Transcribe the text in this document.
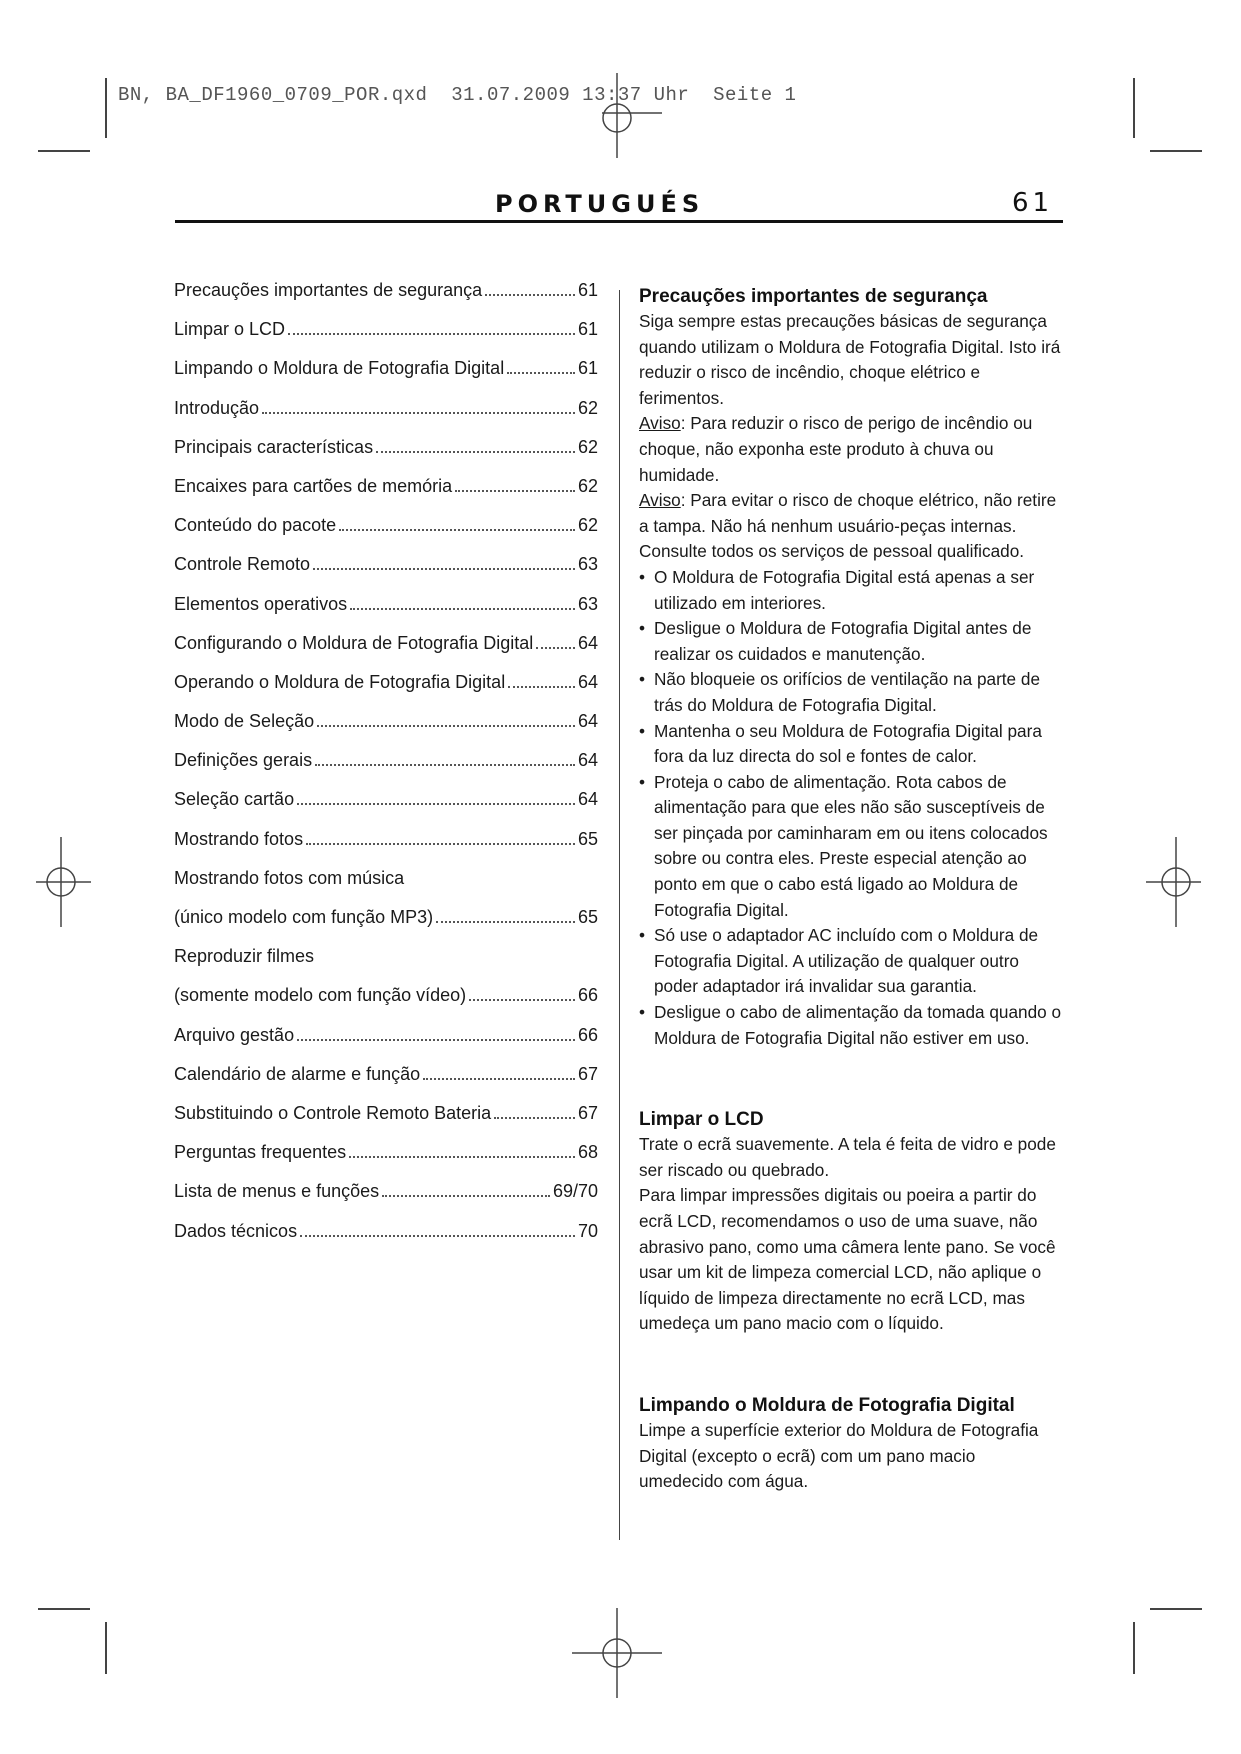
BN, BA_DF1960_0709_POR.qxd  31.07.2009 13:37 Uhr  Seite 1
PORTUGUÉS	61
Precauções importantes de segurança	61
Limpar o LCD	61
Limpando o Moldura de Fotografia Digital	61
Introdução	62
Principais características	62
Encaixes para cartões de memória	62
Conteúdo do pacote	62
Controle Remoto	63
Elementos operativos	63
Configurando o Moldura de Fotografia Digital 64
Operando o Moldura de Fotografia Digital	64
Modo de Seleção	64
Definições gerais	64
Seleção cartão	64
Mostrando fotos	65
Mostrando fotos com música
(único modelo com função MP3)	65
Reproduzir filmes
(somente modelo com função vídeo)	66
Arquivo gestão	66
Calendário de alarme e função	67
Substituindo o Controle Remoto Bateria	67
Perguntas frequentes	68
Lista de menus e funções	69/70
Dados técnicos	70
Precauções importantes de segurança

Siga sempre estas precauções básicas de segurança quando utilizam o Moldura de Fotografia Digital. Isto irá reduzir o risco de incêndio, choque elétrico e ferimentos.

Aviso: Para reduzir o risco de perigo de incêndio ou choque, não exponha este produto à chuva ou humidade.

Aviso: Para evitar o risco de choque elétrico, não retire a tampa. Não há nenhum usuário-peças internas. Consulte todos os serviços de pessoal qualificado.

• O Moldura de Fotografia Digital está apenas a ser utilizado em interiores.
• Desligue o Moldura de Fotografia Digital antes de realizar os cuidados e manutenção.
• Não bloqueie os orifícios de ventilação na parte de trás do Moldura de Fotografia Digital.
• Mantenha o seu Moldura de Fotografia Digital para fora da luz directa do sol e fontes de calor.
• Proteja o cabo de alimentação. Rota cabos de alimentação para que eles não são susceptíveis de ser pinçada por caminharam em ou itens colocados sobre ou contra eles. Preste especial atenção ao ponto em que o cabo está ligado ao Moldura de Fotografia Digital.
• Só use o adaptador AC incluído com o Moldura de Fotografia Digital. A utilização de qualquer outro poder adaptador irá invalidar sua garantia.
• Desligue o cabo de alimentação da tomada quando o Moldura de Fotografia Digital não estiver em uso.
Limpar o LCD

Trate o ecrã suavemente. A tela é feita de vidro e pode ser riscado ou quebrado.

Para limpar impressões digitais ou poeira a partir do ecrã LCD, recomendamos o uso de uma suave, não abrasivo pano, como uma câmera lente pano. Se você usar um kit de limpeza comercial LCD, não aplique o líquido de limpeza directamente no ecrã LCD, mas umedeça um pano macio com o líquido.

Limpando o Moldura de Fotografia Digital

Limpe a superfície exterior do Moldura de Fotografia Digital (excepto o ecrã) com um pano macio umedecido com água.
